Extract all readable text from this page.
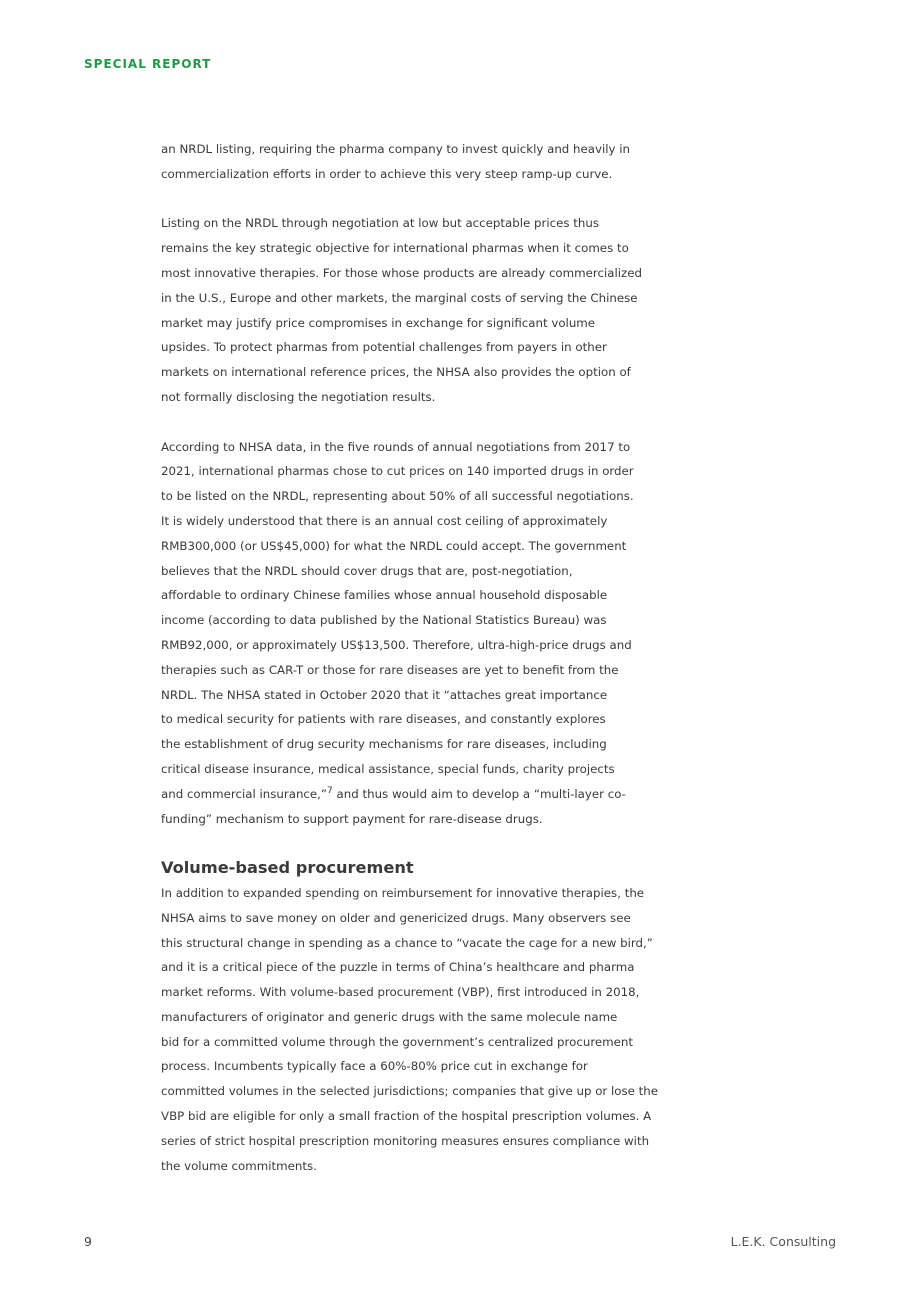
SPECIAL REPORT

an NRDL listing, requiring the pharma company to invest quickly and heavily in
commercialization efforts in order to achieve this very steep ramp-up curve.

Listing on the NRDL through negotiation at low but acceptable prices thus
remains the key strategic objective for international pharmas when it comes to
most innovative therapies. For those whose products are already commercialized
in the U.S., Europe and other markets, the marginal costs of serving the Chinese
market may justify price compromises in exchange for significant volume
upsides. To protect pharmas from potential challenges from payers in other
markets on international reference prices, the NHSA also provides the option of
not formally disclosing the negotiation results.

According to NHSA data, in the five rounds of annual negotiations from 2017 to
2021, international pharmas chose to cut prices on 140 imported drugs in order
to be listed on the NRDL, representing about 50% of all successful negotiations.
It is widely understood that there is an annual cost ceiling of approximately
RMB300,000 (or US$45,000) for what the NRDL could accept. The government
believes that the NRDL should cover drugs that are, post-negotiation,
affordable to ordinary Chinese families whose annual household disposable
income (according to data published by the National Statistics Bureau) was
RMB92,000, or approximately US$13,500. Therefore, ultra-high-price drugs and
therapies such as CAR-T or those for rare diseases are yet to benefit from the
NRDL. The NHSA stated in October 2020 that it “attaches great importance
to medical security for patients with rare diseases, and constantly explores
the establishment of drug security mechanisms for rare diseases, including
critical disease insurance, medical assistance, special funds, charity projects
and commercial insurance,”$^7$ and thus would aim to develop a “multi-layer co-
funding” mechanism to support payment for rare-disease drugs.

Volume-based procurement

In addition to expanded spending on reimbursement for innovative therapies, the
NHSA aims to save money on older and genericized drugs. Many observers see
this structural change in spending as a chance to “vacate the cage for a new bird,”
and it is a critical piece of the puzzle in terms of China’s healthcare and pharma
market reforms. With volume-based procurement (VBP), first introduced in 2018,
manufacturers of originator and generic drugs with the same molecule name
bid for a committed volume through the government’s centralized procurement
process. Incumbents typically face a 60%-80% price cut in exchange for
committed volumes in the selected jurisdictions; companies that give up or lose the
VBP bid are eligible for only a small fraction of the hospital prescription volumes. A
series of strict hospital prescription monitoring measures ensures compliance with
the volume commitments.

9	L.E.K. Consulting
